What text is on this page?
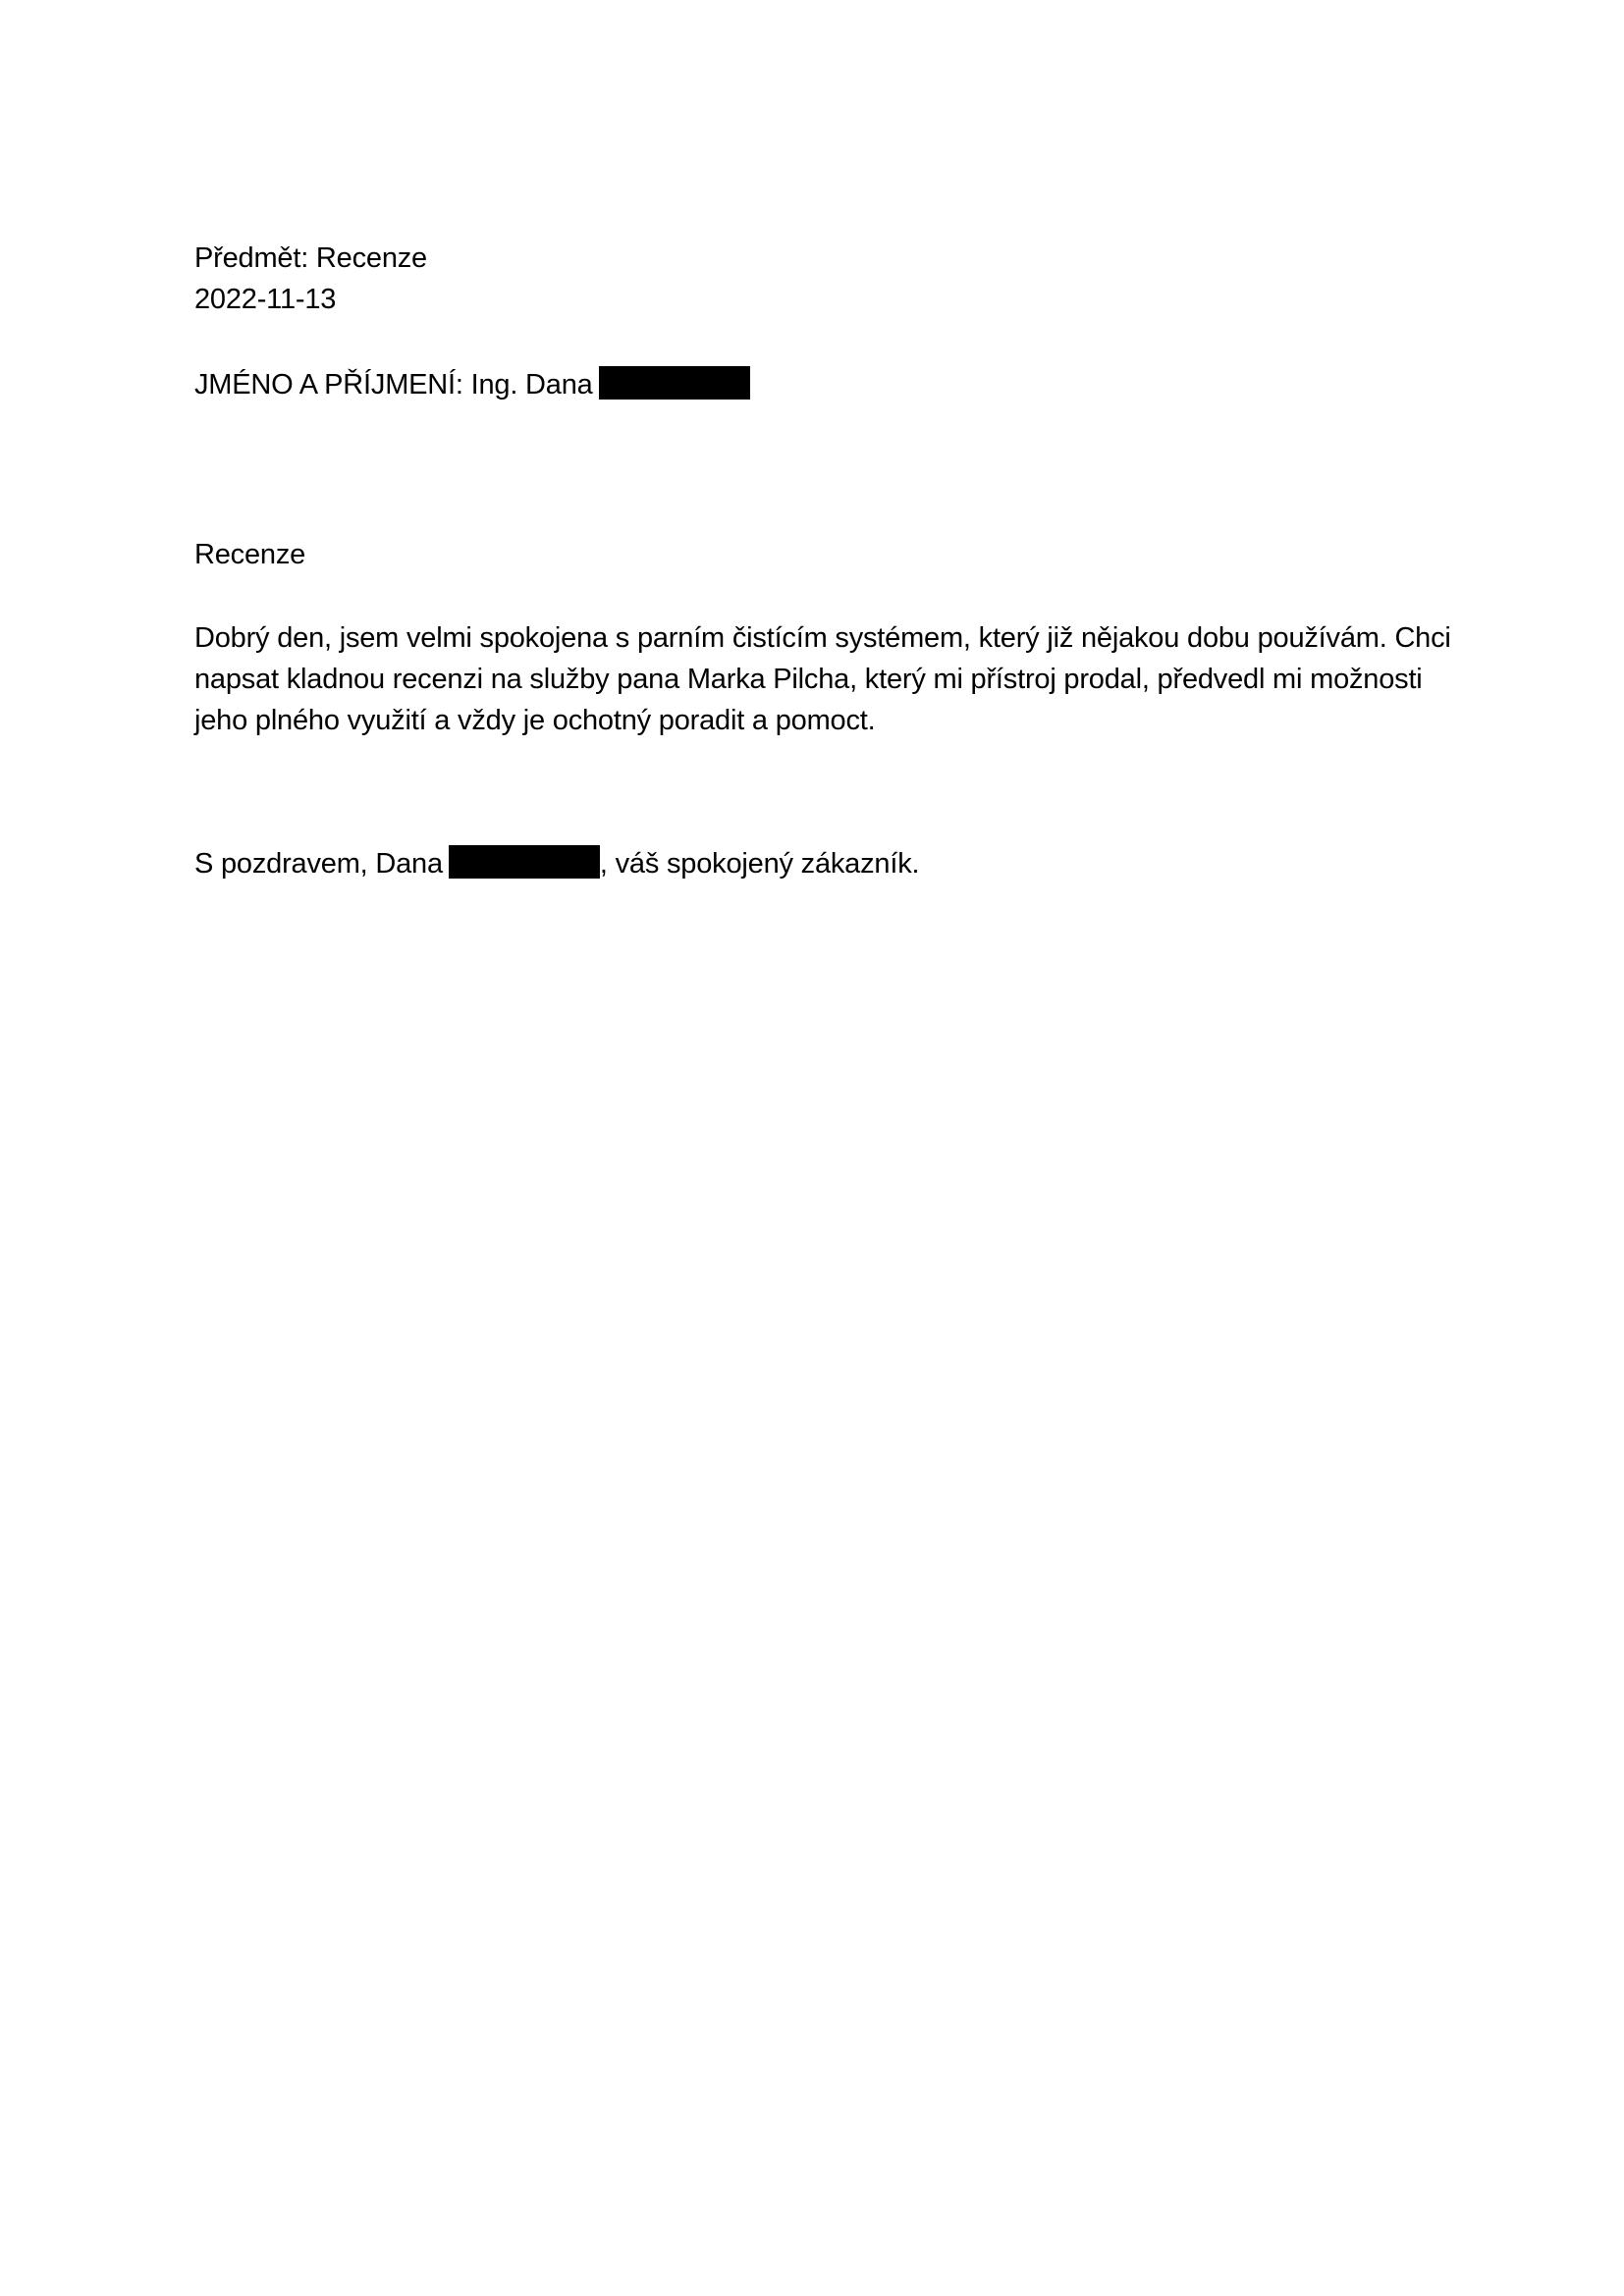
Předmět: Recenze
2022-11-13
JMÉNO A PŘÍJMENÍ: Ing. Dana
Recenze
Dobrý den, jsem velmi spokojena s parním čistícím systémem, který již nějakou dobu používám. Chci
napsat kladnou recenzi na služby pana Marka Pilcha, který mi přístroj prodal, předvedl mi možnosti
jeho plného využití a vždy je ochotný poradit a pomoct.
S pozdravem, Dana	, váš spokojený zákazník.
